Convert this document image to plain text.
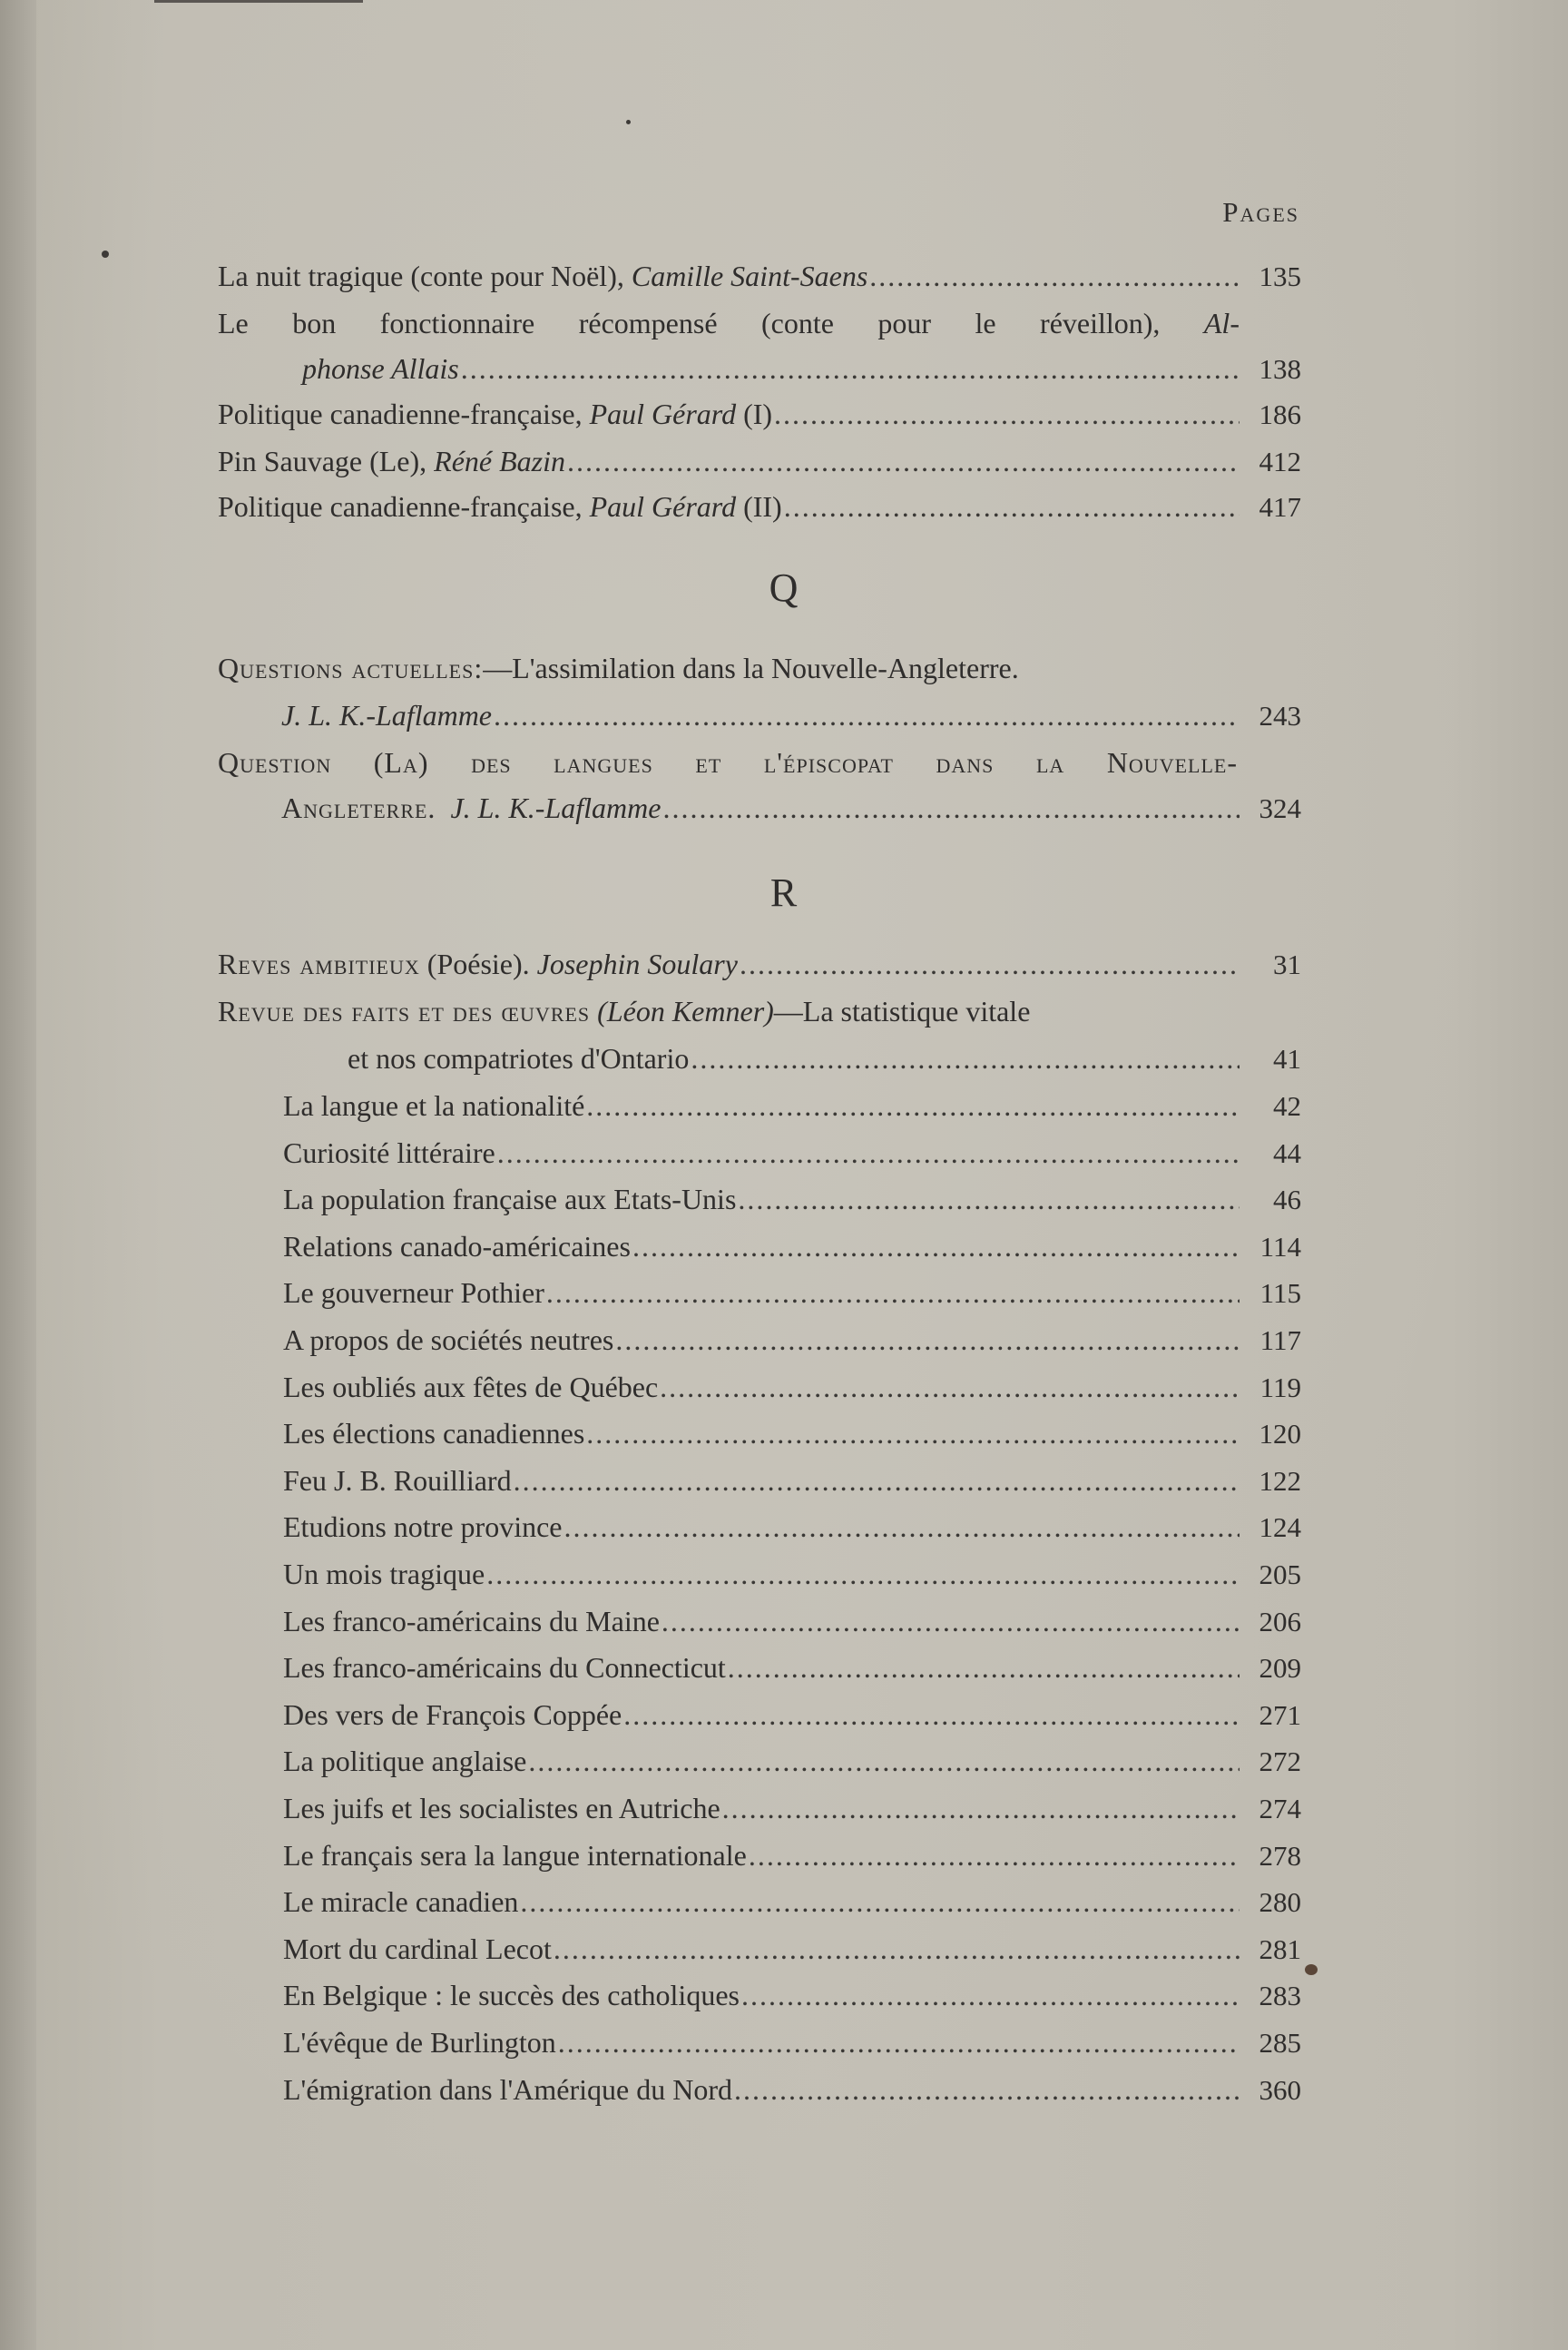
Pages
La nuit tragique (conte pour Noël), Camille Saint-Saens . . .	135
Le bon fonctionnaire récompensé (conte pour le réveillon), Al-
phonse Allais . . .	138
Politique canadienne-française, Paul Gérard (I) . . .	186
Pin Sauvage (Le), Réné Bazin . . .	412
Politique canadienne-française, Paul Gérard (II) . . .	417
Q
Questions actuelles:—L'assimilation dans la Nouvelle-Angleterre.
J. L. K.-Laflamme . . .	243
Question (La) des langues et l'épiscopat dans la Nouvelle-
Angleterre. J. L. K.-Laflamme . . .	324
R
Reves ambitieux (Poésie). Josephin Soulary . . .	31
Revue des faits et des œuvres (Léon Kemner)—La statistique vitale
et nos compatriotes d'Ontario . . .	41
La langue et la nationalité . . .	42
Curiosité littéraire . . .	44
La population française aux Etats-Unis . . .	46
Relations canado-américaines . . .	114
Le gouverneur Pothier . . .	115
A propos de sociétés neutres . . .	117
Les oubliés aux fêtes de Québec . . .	119
Les élections canadiennes . . .	120
Feu J. B. Rouilliard . . .	122
Etudions notre province . . .	124
Un mois tragique . . .	205
Les franco-américains du Maine . . .	206
Les franco-américains du Connecticut . . .	209
Des vers de François Coppée . . .	271
La politique anglaise . . .	272
Les juifs et les socialistes en Autriche . . .	274
Le français sera la langue internationale . . .	278
Le miracle canadien . . .	280
Mort du cardinal Lecot . . .	281
En Belgique : le succès des catholiques . . .	283
L'évêque de Burlington . . .	285
L'émigration dans l'Amérique du Nord . . .	360
